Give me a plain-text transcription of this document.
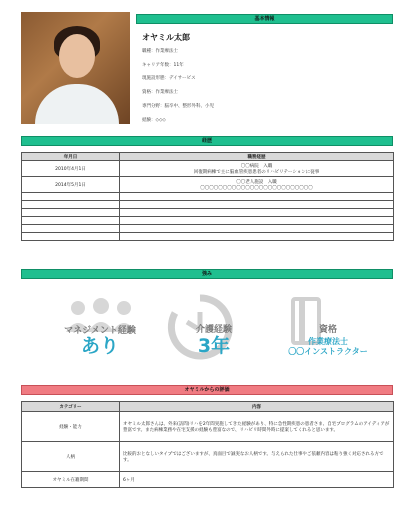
基本情報
オヤミル太郎
職種：作業療法士
キャリア年数：11年
現施設形態：デイサービス
資格：作業療法士
専門分野：脳卒中、整形外科、小児
経験：◇◇◇
経歴
年月日	職務経歴
2010年4月1日	〇〇病院　入職
回復期病棟で主に脳血管疾患患者のリハビリテーションに従事

2014年5月1日	〇〇老人施設　入職
〇〇〇〇〇〇〇〇〇〇〇〇〇〇〇〇〇〇〇〇〇〇〇〇〇

強み
マネジメント経験
あり
介護経験
3年
資格
作業療法士
〇〇インストラクター
オヤミルからの評価
カテゴリー	内容
経験・能力	オヤミル太郎さんは、外来(訪問)リハを2年間実施してきた経験があり、特に急性期疾患の患者さま、自宅プログラムのアイディアが豊富です。また病棟業務や在宅支援の経験も豊富なので、リハビリ時間外時に提案してくれると思います。
人柄	比較的おとなしいタイプではございますが、真面目で誠実なお人柄です。与えられた仕事やご依頼内容は粘り強く対応される方です。
オヤミル在籍期間	6ヶ月
